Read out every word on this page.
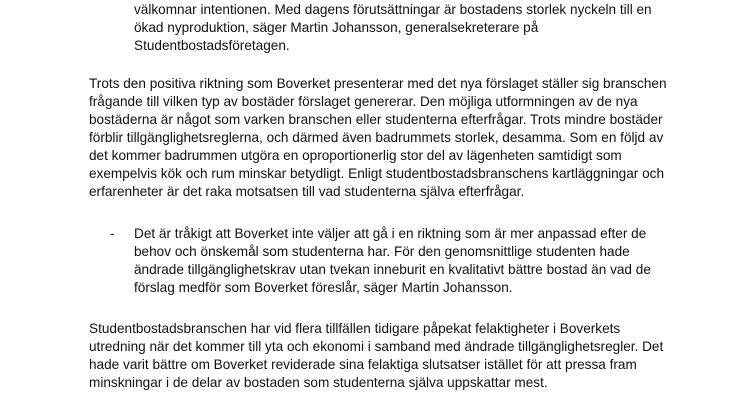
välkomnar intentionen. Med dagens förutsättningar är bostadens storlek nyckeln till en

ökad nyproduktion, säger Martin Johansson, generalsekreterare på

Studentbostadsföretagen.

Trots den positiva riktning som Boverket presenterar med det nya förslaget ställer sig branschen

frågande till vilken typ av bostäder förslaget genererar. Den möjliga utformningen av de nya

bostäderna är något som varken branschen eller studenterna efterfrågar. Trots mindre bostäder

förblir tillgänglighetsreglerna, och därmed även badrummets storlek, desamma. Som en följd av

det kommer badrummen utgöra en oproportionerlig stor del av lägenheten samtidigt som

exempelvis kök och rum minskar betydligt. Enligt studentbostadsbranschens kartläggningar och

erfarenheter är det raka motsatsen till vad studenterna själva efterfrågar.

- Det är tråkigt att Boverket inte väljer att gå i en riktning som är mer anpassad efter de

behov och önskemål som studenterna har. För den genomsnittlige studenten hade

ändrade tillgänglighetskrav utan tvekan inneburit en kvalitativt bättre bostad än vad de

förslag medför som Boverket föreslår, säger Martin Johansson.

Studentbostadsbranschen har vid flera tillfällen tidigare påpekat felaktigheter i Boverkets

utredning när det kommer till yta och ekonomi i samband med ändrade tillgänglighetsregler. Det

hade varit bättre om Boverket reviderade sina felaktiga slutsatser istället för att pressa fram

minskningar i de delar av bostaden som studenterna själva uppskattar mest.
